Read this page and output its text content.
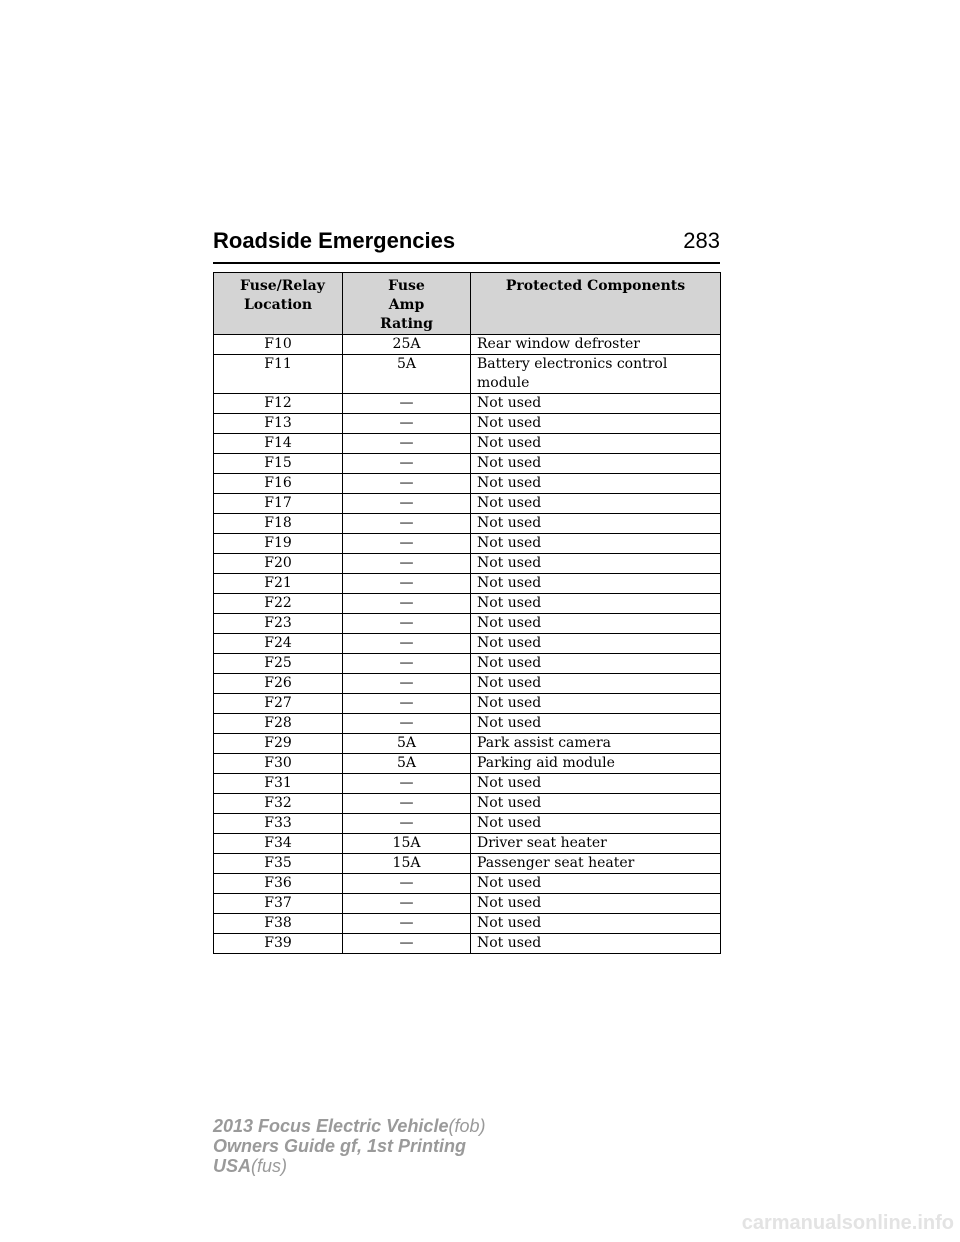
Roadside Emergencies	283
Fuse/Relay Location	Fuse Amp Rating	Protected Components
F10	25A	Rear window defroster
F11	5A	Battery electronics control module
F12	—	Not used
F13	—	Not used
F14	—	Not used
F15	—	Not used
F16	—	Not used
F17	—	Not used
F18	—	Not used
F19	—	Not used
F20	—	Not used
F21	—	Not used
F22	—	Not used
F23	—	Not used
F24	—	Not used
F25	—	Not used
F26	—	Not used
F27	—	Not used
F28	—	Not used
F29	5A	Park assist camera
F30	5A	Parking aid module
F31	—	Not used
F32	—	Not used
F33	—	Not used
F34	15A	Driver seat heater
F35	15A	Passenger seat heater
F36	—	Not used
F37	—	Not used
F38	—	Not used
F39	—	Not used
2013 Focus Electric Vehicle(fob)
Owners Guide gf, 1st Printing
USA(fus)
carmanualsonline.info
